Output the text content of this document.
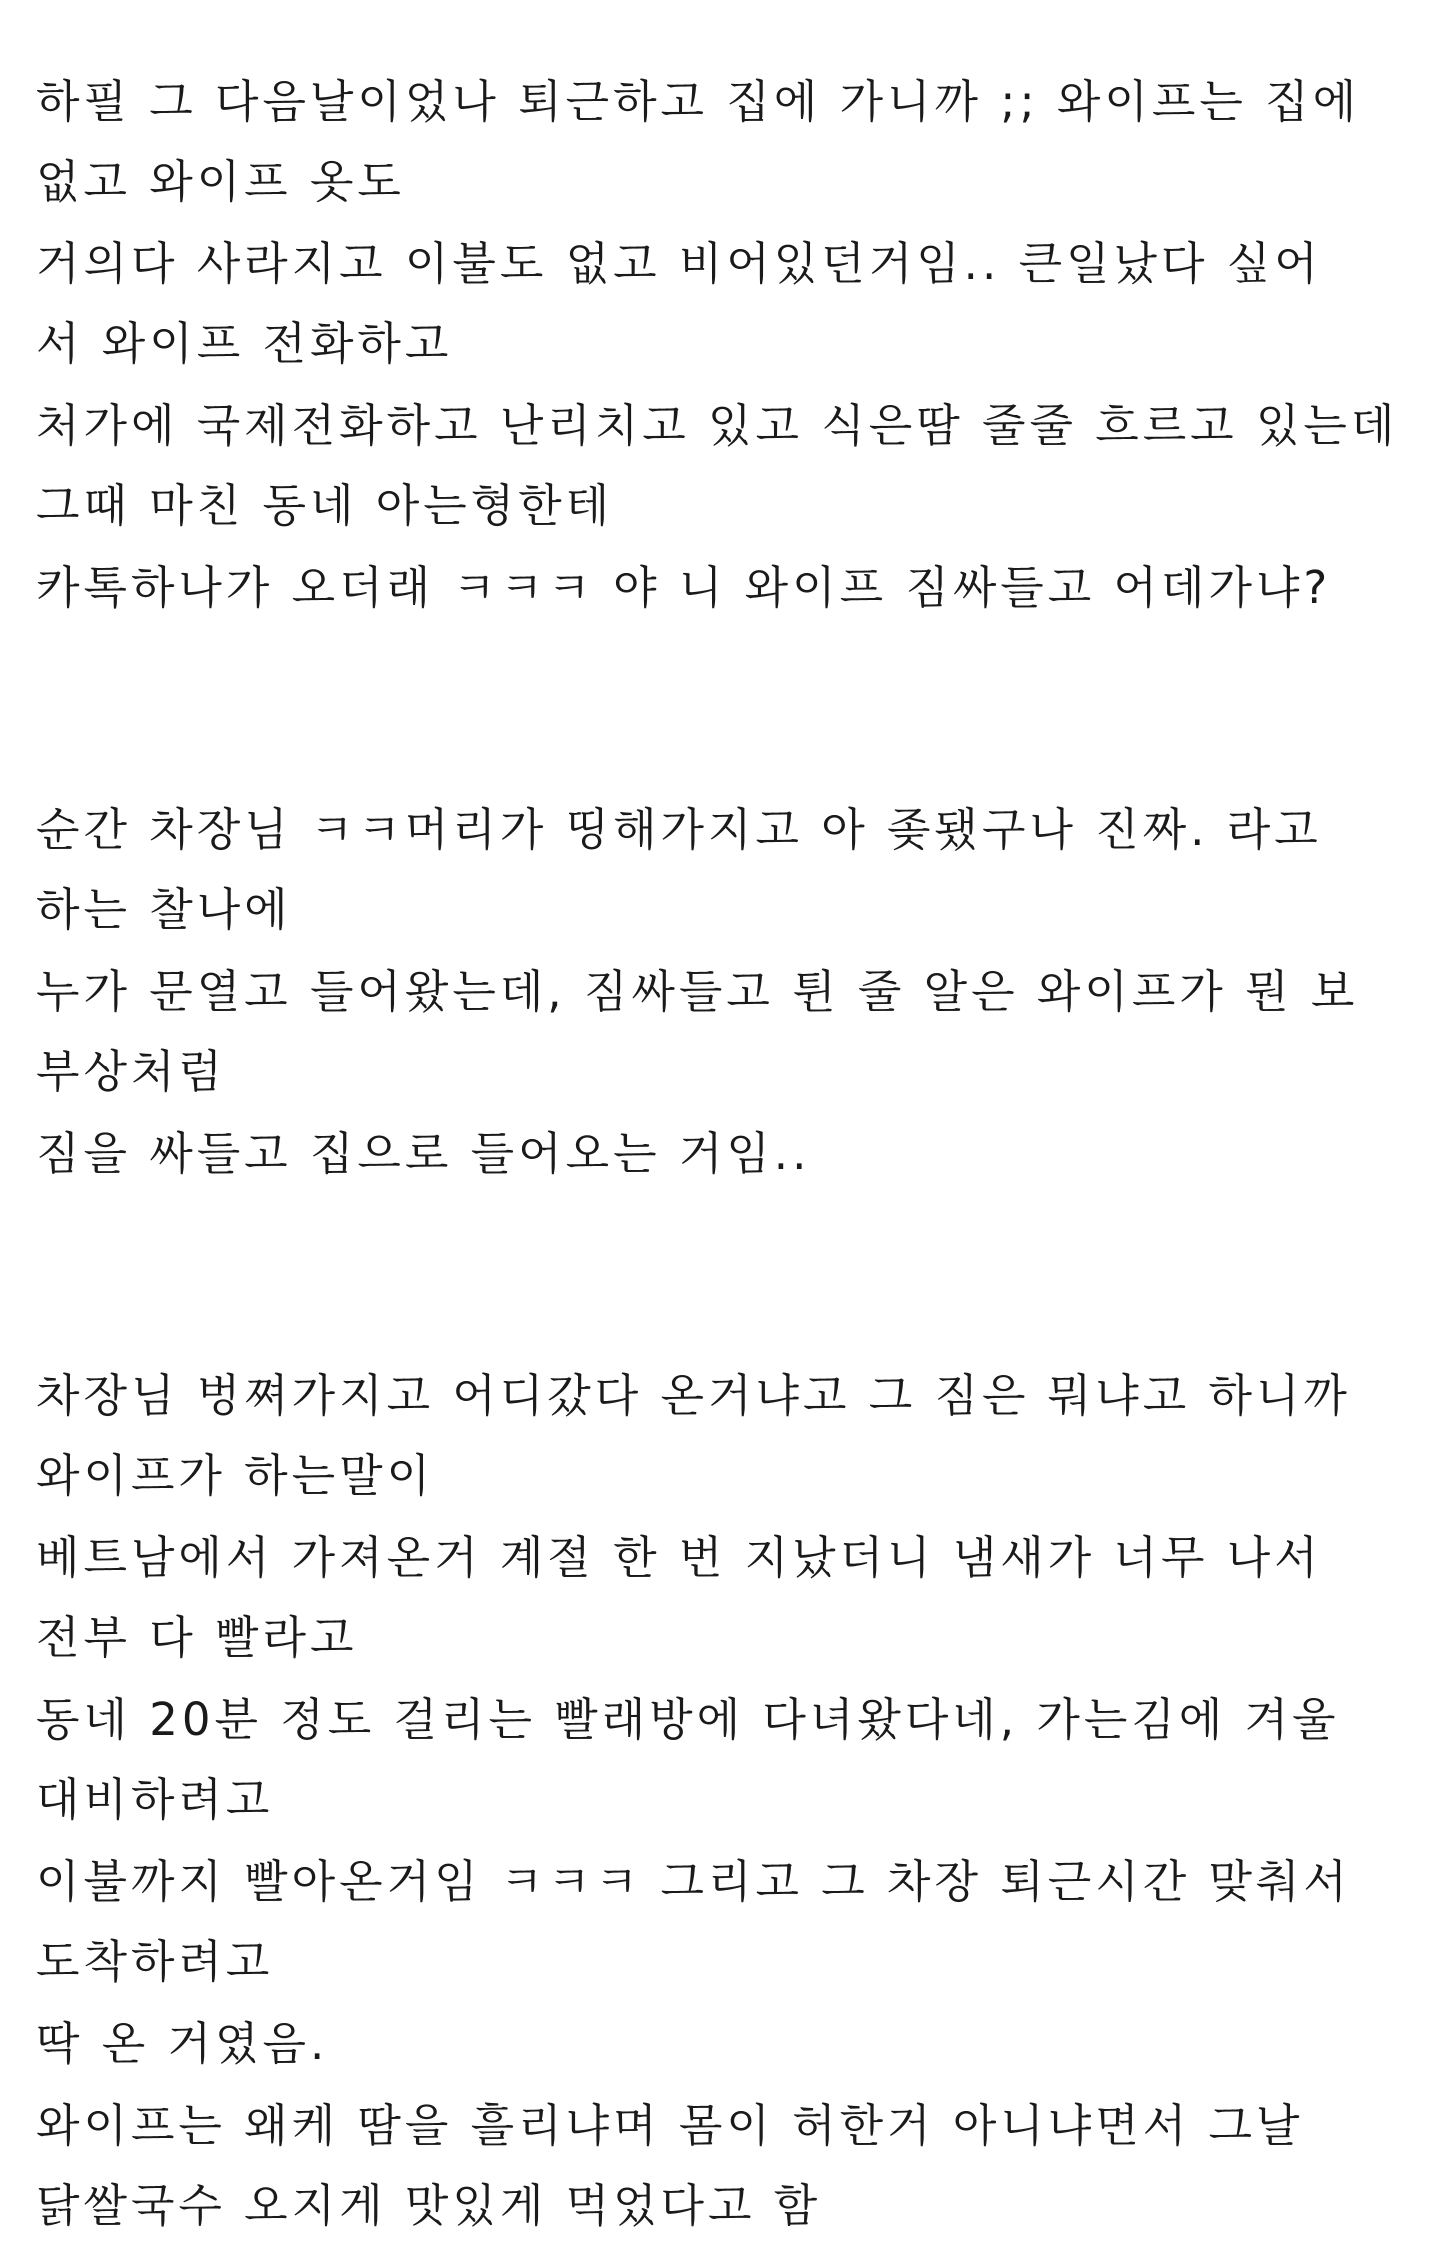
하필 그 다음날이었나 퇴근하고 집에 가니까 ;; 와이프는 집에
없고 와이프 옷도

거의다 사라지고 이불도 없고 비어있던거임.. 큰일났다 싶어
서 와이프 전화하고

처가에 국제전화하고 난리치고 있고 식은땀 줄줄 흐르고 있는데
그때 마친 동네 아는형한테

카톡하나가 오더래 ㅋㅋㅋ 야 니 와이프 짐싸들고 어데가냐?

순간 차장님 ㅋㅋ머리가 띵해가지고 아 좆됐구나 진짜. 라고
하는 찰나에

누가 문열고 들어왔는데, 짐싸들고 튄 줄 알은 와이프가 뭔 보
부상처럼

짐을 싸들고 집으로 들어오는 거임..

차장님 벙쪄가지고 어디갔다 온거냐고 그 짐은 뭐냐고 하니까
와이프가 하는말이

베트남에서 가져온거 계절 한 번 지났더니 냄새가 너무 나서
전부 다 빨라고

동네 20분 정도 걸리는 빨래방에 다녀왔다네, 가는김에 겨울
대비하려고

이불까지 빨아온거임 ㅋㅋㅋ 그리고 그 차장 퇴근시간 맞춰서
도착하려고

딱 온 거였음.

와이프는 왜케 땀을 흘리냐며 몸이 허한거 아니냐면서 그날
닭쌀국수 오지게 맛있게 먹었다고 함
